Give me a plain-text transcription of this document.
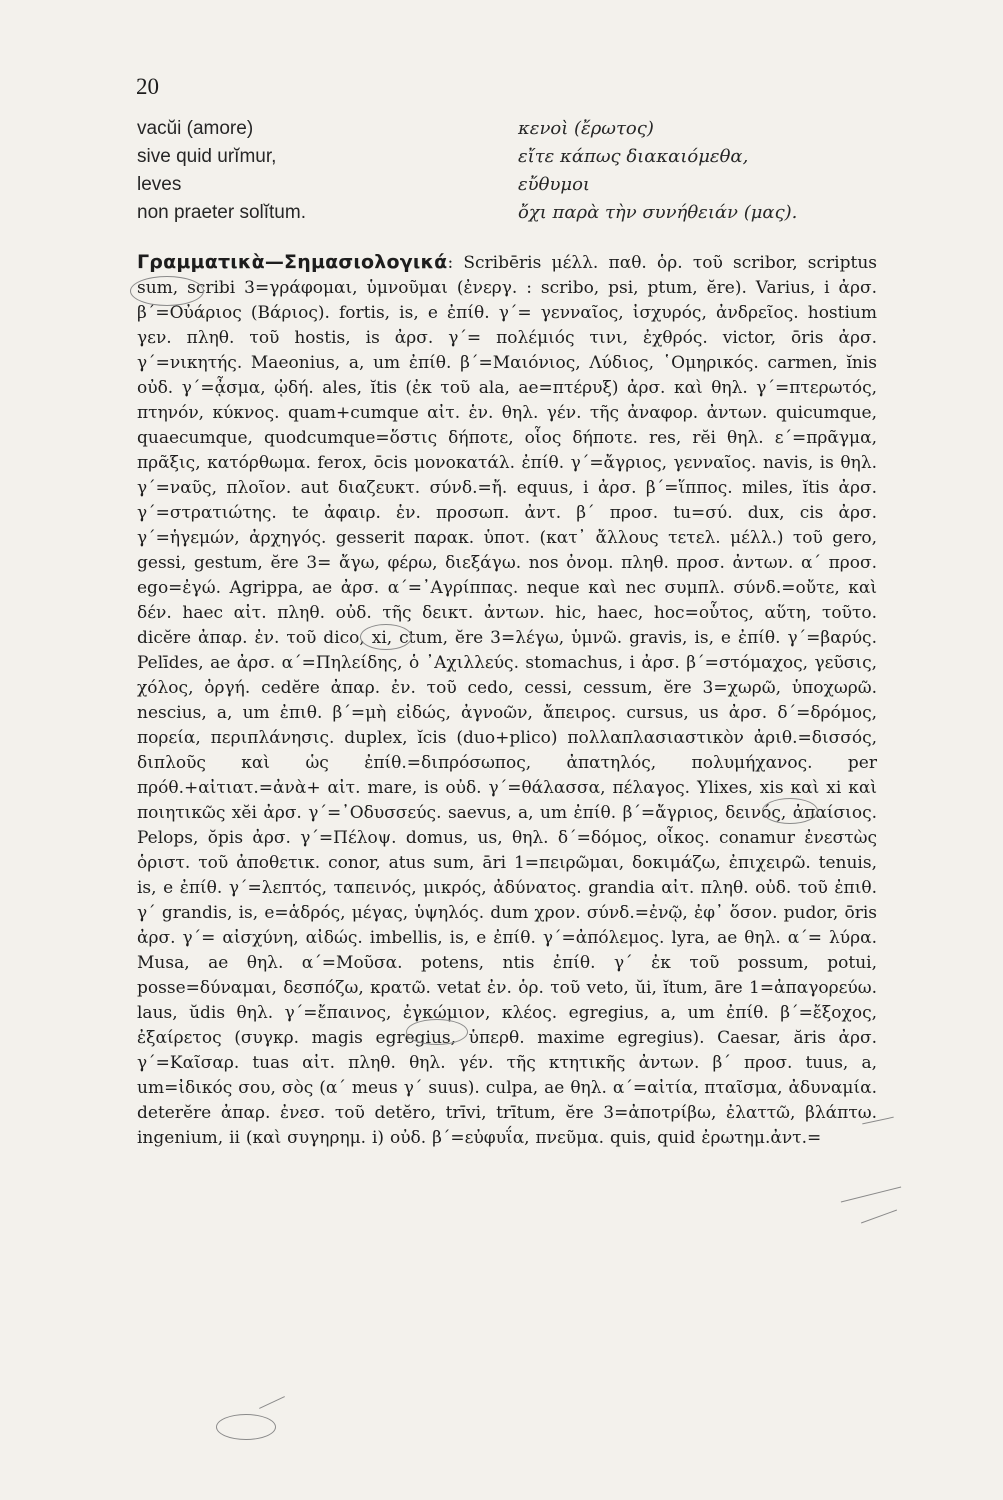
20
vacŭi (amore)	κενοὶ (ἔρωτος)
sive quid urĭmur,	εἴτε κάπως διακαιόμεθα,
leves	εὔθυμοι
non praeter solĭtum.	ὄχι παρὰ τὴν συνήθειάν (μας).
Γραμματικὰ—Σημασιολογικά: Scribēris μέλλ. παθ. ὁρ. τοῦ scribor, scriptus sum, scribi 3=γράφομαι, ὑμνοῦμαι (ἐνεργ. : scribo, psi, ptum, ĕre). Varius, i ἀρσ. β΄=Οὐάριος (Βάριος). fortis, is, e ἐπίθ. γ΄= γενναῖος, ἰσχυρός, ἀνδρεῖος. hostium γεν. πληθ. τοῦ hostis, is ἀρσ. γ΄= πολέμιός τινι, ἐχθρός. victor, ōris ἀρσ. γ΄=νικητής. Maeonius, a, um ἐπίθ. β΄=Μαιόνιος, Λύδιος, ῾Ομηρικός. carmen, ĭnis οὐδ. γ΄=ᾆσμα, ᾠδή. ales, ĭtis (ἐκ τοῦ ala, ae=πτέρυξ) ἀρσ. καὶ θηλ. γ΄=πτερωτός, πτηνόν, κύκνος. quam+cumque αἰτ. ἑν. θηλ. γέν. τῆς ἀναφορ. ἀντων. quicumque, quaecumque, quodcumque=ὅστις δήποτε, οἷος δήποτε. res, rĕi θηλ. ε΄=πρᾶγμα, πρᾶξις, κατόρθωμα. ferox, ōcis μονοκατάλ. ἐπίθ. γ΄=ἄγριος, γενναῖος. navis, is θηλ. γ΄=ναῦς, πλοῖον. aut διαζευκτ. σύνδ.=ἤ. equus, i ἀρσ. β΄=ἵππος. miles, ĭtis ἀρσ. γ΄=στρατιώτης. te ἀφαιρ. ἑν. προσωπ. ἀντ. β΄ προσ. tu=σύ. dux, cis ἀρσ. γ΄=ἡγεμών, ἀρχηγός. gesserit παρακ. ὑποτ. (κατ᾿ ἄλλους τετελ. μέλλ.) τοῦ gero, gessi, gestum, ĕre 3= ἄγω, φέρω, διεξάγω. nos ὀνομ. πληθ. προσ. ἀντων. α΄ προσ. ego=ἐγώ. Agrippa, ae ἀρσ. α΄=᾿Αγρίππας. neque καὶ nec συμπλ. σύνδ.=οὔτε, καὶ δέν. haec αἰτ. πληθ. οὐδ. τῆς δεικτ. ἀντων. hic, haec, hoc=οὗτος, αὕτη, τοῦτο. dicĕre ἀπαρ. ἐν. τοῦ dico, xi, ctum, ĕre 3=λέγω, ὑμνῶ. gravis, is, e ἐπίθ. γ΄=βαρύς. Pelīdes, ae ἀρσ. α΄=Πηλείδης, ὁ ᾿Αχιλλεύς. stomachus, i ἀρσ. β΄=στόμαχος, γεῦσις, χόλος, ὀργή. cedĕre ἀπαρ. ἐν. τοῦ cedo, cessi, cessum, ĕre 3=χωρῶ, ὑποχωρῶ. nescius, a, um ἐπιθ. β΄=μὴ εἰδώς, ἀγνοῶν, ἄπειρος. cursus, us ἀρσ. δ΄=δρόμος, πορεία, περιπλάνησις. duplex, ĭcis (duo+plico) πολλαπλασιαστικὸν ἀριθ.=δισσός, διπλοῦς καὶ ὡς ἐπίθ.=διπρόσωπος, ἀπατηλός, πολυμήχανος. per πρόθ.+αἰτιατ.=ἀνὰ+ αἰτ. mare, is οὐδ. γ΄=θάλασσα, πέλαγος. Ylixes, xis καὶ xi καὶ ποιητικῶς xĕi ἀρσ. γ΄=᾿Οδυσσεύς. saevus, a, um ἐπίθ. β΄=ἄγριος, δεινός, ἀπαίσιος. Pelops, ŏpis ἀρσ. γ΄=Πέλοψ. domus, us, θηλ. δ΄=δόμος, οἶκος. conamur ἐνεστὼς ὁριστ. τοῦ ἀποθετικ. conor, atus sum, āri 1=πειρῶμαι, δοκιμάζω, ἐπιχειρῶ. tenuis, is, e ἐπίθ. γ΄=λεπτός, ταπεινός, μικρός, ἀδύνατος. grandia αἰτ. πληθ. οὐδ. τοῦ ἐπιθ. γ΄ grandis, is, e=ἁδρός, μέγας, ὑψηλός. dum χρον. σύνδ.=ἐνῷ, ἐφ᾿ ὅσον. pudor, ōris ἀρσ. γ΄= αἰσχύνη, αἰδώς. imbellis, is, e ἐπίθ. γ΄=ἀπόλεμος. lyra, ae θηλ. α΄= λύρα. Musa, ae θηλ. α΄=Μοῦσα. potens, ntis ἐπίθ. γ΄ ἐκ τοῦ possum, potui, posse=δύναμαι, δεσπόζω, κρατῶ. vetat ἐν. ὁρ. τοῦ veto, ŭi, ĭtum, āre 1=ἀπαγορεύω. laus, ŭdis θηλ. γ΄=ἔπαινος, ἐγκώμιον, κλέος. egregius, a, um ἐπίθ. β΄=ἔξοχος, ἐξαίρετος (συγκρ. magis egregius, ὑπερθ. maxime egregius). Caesar, ăris ἀρσ. γ΄=Καῖσαρ. tuas αἰτ. πληθ. θηλ. γέν. τῆς κτητικῆς ἀντων. β΄ προσ. tuus, a, um=ἰδικός σου, σὸς (α΄ meus γ΄ suus). culpa, ae θηλ. α΄=αἰτία, πταῖσμα, ἀδυναμία. deterĕre ἀπαρ. ἐνεσ. τοῦ detĕro, trīvi, trītum, ĕre 3=ἀποτρίβω, ἐλαττῶ, βλάπτω. ingenium, ii (καὶ συγηρημ. i) οὐδ. β΄=εὐφυΐα, πνεῦμα. quis, quid ἐρωτημ.ἀντ.=
